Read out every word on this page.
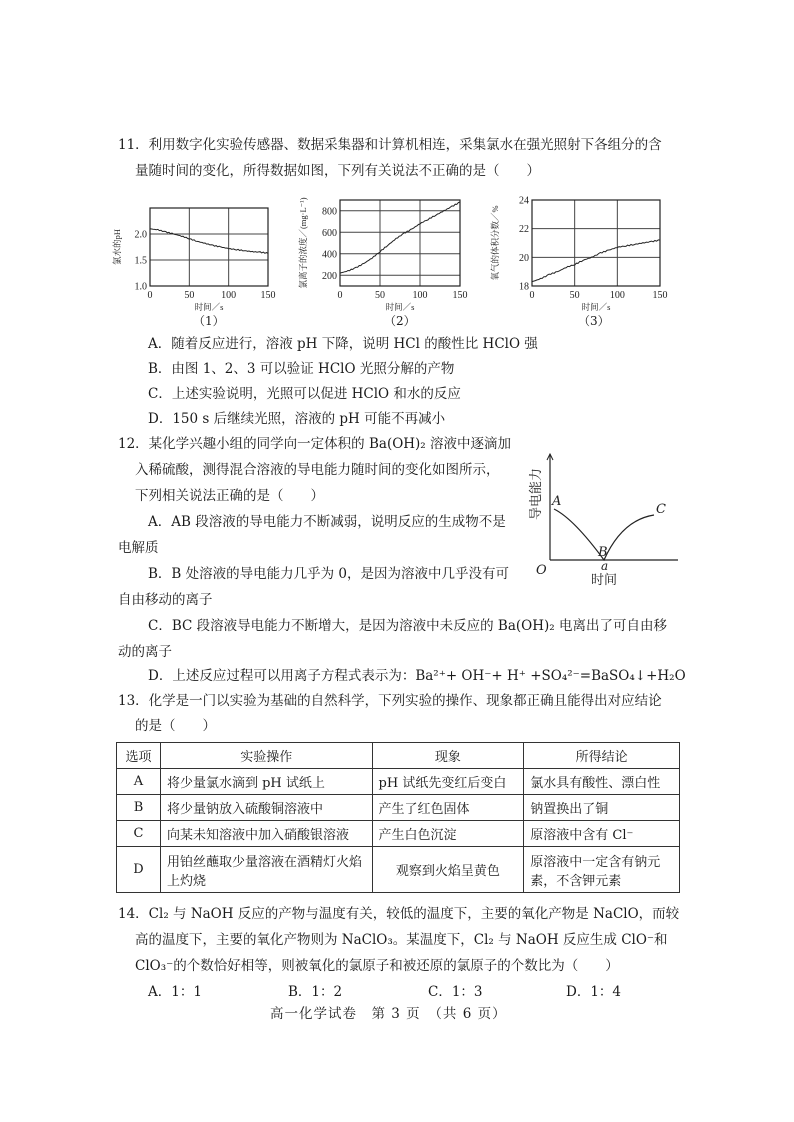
11．利用数字化实验传感器、数据采集器和计算机相连，采集氯水在强光照射下各组分的含
量随时间的变化，所得数据如图，下列有关说法不正确的是（　　）
0	50	100 150
1.0
1.5
2.0
时间／s
氯水的pH
0	50	100	150
200
400
600
800
时间／s
氯离子的浓度／(mg·L⁻¹)
0	50	100	150
18
20
22
24
时间／s
氧气的体积分数／%
（1）	（2）	（3）
A．随着反应进行，溶液 pH 下降，说明 HCl 的酸性比 HClO 强
B．由图 1、2、3 可以验证 HClO 光照分解的产物
C．上述实验说明，光照可以促进 HClO 和水的反应
D．150 s 后继续光照，溶液的 pH 可能不再减小
12．某化学兴趣小组的同学向一定体积的 Ba(OH)₂ 溶液中逐滴加
入稀硫酸，测得混合溶液的导电能力随时间的变化如图所示，
下列相关说法正确的是（　　）
A．AB 段溶液的导电能力不断减弱，说明反应的生成物不是
电解质
B．B 处溶液的导电能力几乎为 0，是因为溶液中几乎没有可
自由移动的离子
C．BC 段溶液导电能力不断增大，是因为溶液中未反应的 Ba(OH)₂ 电离出了可自由移
动的离子
D．上述反应过程可以用离子方程式表示为：Ba²⁺+ OH⁻+ H⁺ +SO₄²⁻=BaSO₄↓+H₂O
A
B
C
O	a
时间
导电能力
13．化学是一门以实验为基础的自然科学，下列实验的操作、现象都正确且能得出对应结论
的是（　　）
选项	实验操作	现象	所得结论
A	将少量氯水滴到 pH 试纸上	pH 试纸先变红后变白	氯水具有酸性、漂白性
B	将少量钠放入硫酸铜溶液中	产生了红色固体	钠置换出了铜
C	向某未知溶液中加入硝酸银溶液	产生白色沉淀	原溶液中含有 Cl⁻
D	用铂丝蘸取少量溶液在酒精灯火焰上灼烧	观察到火焰呈黄色	原溶液中一定含有钠元素，不含钾元素
14．Cl₂ 与 NaOH 反应的产物与温度有关，较低的温度下，主要的氧化产物是 NaClO，而较
高的温度下，主要的氧化产物则为 NaClO₃。某温度下，Cl₂ 与 NaOH 反应生成 ClO⁻和
ClO₃⁻的个数恰好相等，则被氧化的氯原子和被还原的氯原子的个数比为（　　）
A．1：1	B．1：2	C．1：3	D．1：4
高一化学试卷　第 3 页　（共 6 页）
